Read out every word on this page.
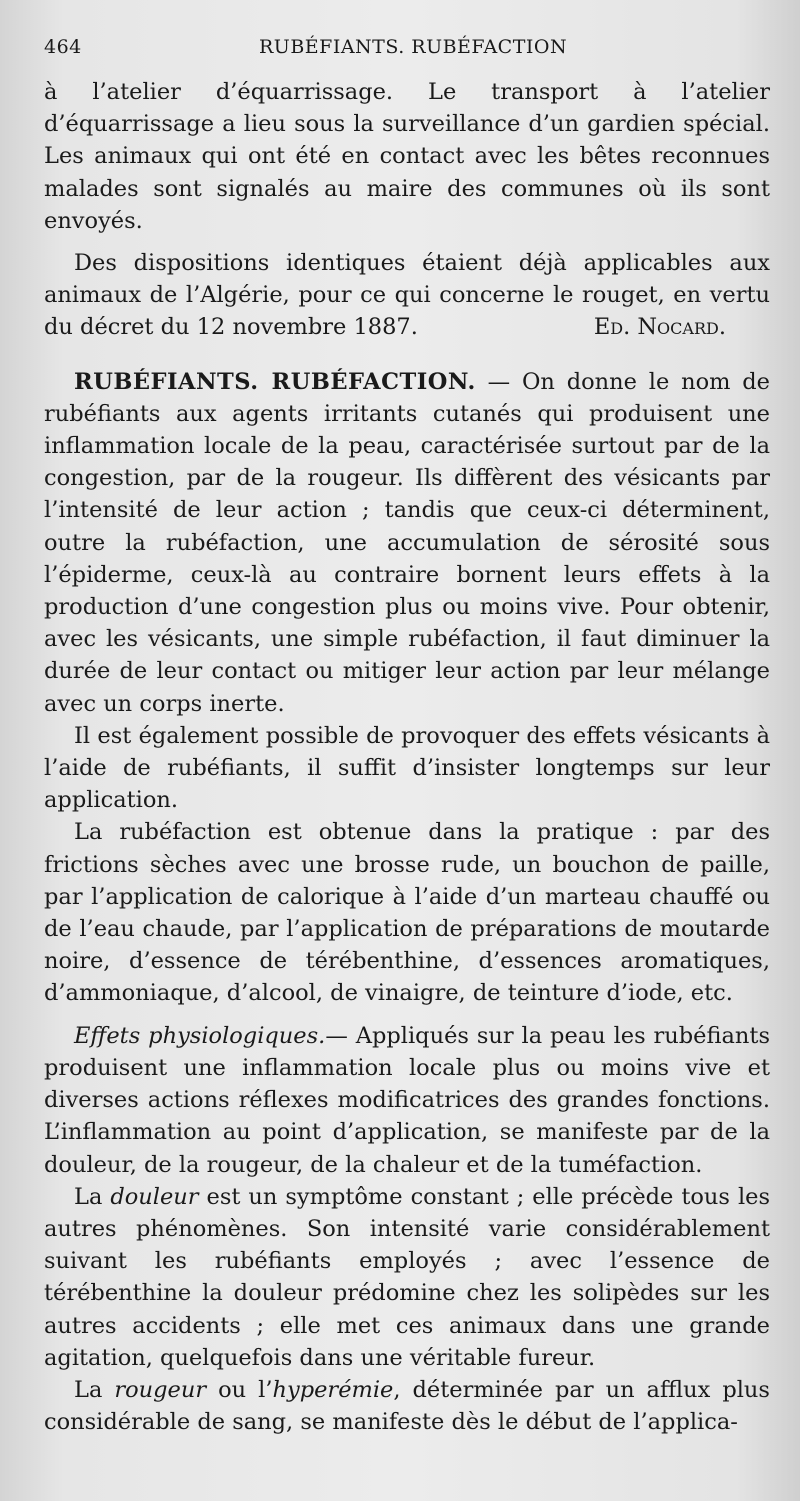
464	RUBÉFIANTS. RUBÉFACTION

à l’atelier d’équarrissage. Le transport à l’atelier d’équarrissage a lieu sous la surveillance d’un gardien spécial. Les animaux qui ont été en contact avec les bêtes reconnues malades sont signalés au maire des communes où ils sont envoyés.

Des dispositions identiques étaient déjà applicables aux animaux de l’Algérie, pour ce qui concerne le rouget, en vertu du décret du 12 novembre 1887.	Ed. Nocard.

RUBÉFIANTS. RUBÉFACTION. — On donne le nom de rubéfiants aux agents irritants cutanés qui produisent une inflammation locale de la peau, caractérisée surtout par de la congestion, par de la rougeur. Ils diffèrent des vésicants par l’intensité de leur action ; tandis que ceux-ci déterminent, outre la rubéfaction, une accumulation de sérosité sous l’épiderme, ceux-là au contraire bornent leurs effets à la production d’une congestion plus ou moins vive. Pour obtenir, avec les vésicants, une simple rubéfaction, il faut diminuer la durée de leur contact ou mitiger leur action par leur mélange avec un corps inerte.

Il est également possible de provoquer des effets vésicants à l’aide de rubéfiants, il suffit d’insister longtemps sur leur application.

La rubéfaction est obtenue dans la pratique : par des frictions sèches avec une brosse rude, un bouchon de paille, par l’application de calorique à l’aide d’un marteau chauffé ou de l’eau chaude, par l’application de préparations de moutarde noire, d’essence de térébenthine, d’essences aromatiques, d’ammoniaque, d’alcool, de vinaigre, de teinture d’iode, etc.

Effets physiologiques.— Appliqués sur la peau les rubéfiants produisent une inflammation locale plus ou moins vive et diverses actions réflexes modificatrices des grandes fonctions. L’inflammation au point d’application, se manifeste par de la douleur, de la rougeur, de la chaleur et de la tuméfaction.

La douleur est un symptôme constant ; elle précède tous les autres phénomènes. Son intensité varie considérablement suivant les rubéfiants employés ; avec l’essence de térébenthine la douleur prédomine chez les solipèdes sur les autres accidents ; elle met ces animaux dans une grande agitation, quelquefois dans une véritable fureur.

La rougeur ou l’hyperémie, déterminée par un afflux plus considérable de sang, se manifeste dès le début de l’applica-
